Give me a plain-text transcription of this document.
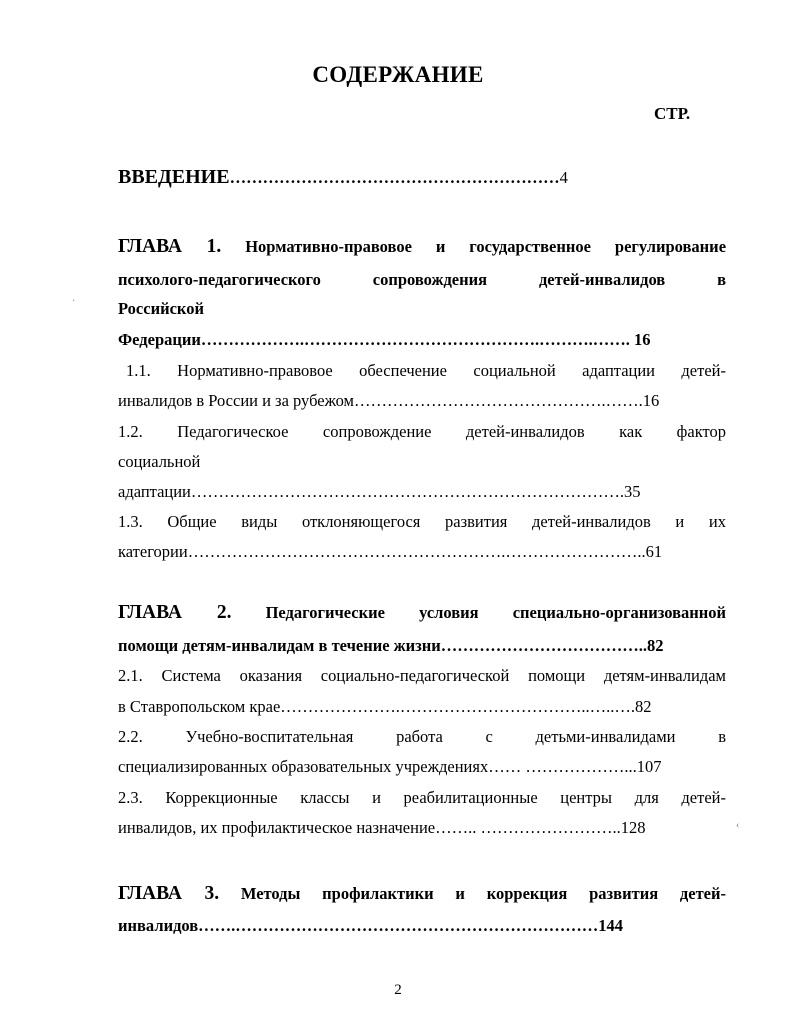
СОДЕРЖАНИЕ
СТР.
ВВЕДЕНИЕ……………………………………………………4
ГЛАВА 1. Нормативно-правовое и государственное регулирование
психолого-педагогического сопровождения детей-инвалидов в
Российской
Федерации……………….…………………………………….……….……. 16
1.1. Нормативно-правовое обеспечение социальной адаптации детей-
инвалидов в России и за рубежом……………………………………….…….16
1.2. Педагогическое сопровождение детей-инвалидов как фактор
социальной
адаптации…………………………………………………………………….35
1.3. Общие виды отклоняющегося развития детей-инвалидов и их
категории………………………………………………….……………………..61
ГЛАВА 2. Педагогические условия специально-организованной
помощи детям-инвалидам в течение жизни………………………………..82
2.1. Система оказания социально-педагогической помощи детям-инвалидам
в Ставропольском крае………………….……………………………..…..….82
2.2. Учебно-воспитательная работа с детьми-инвалидами в
специализированных образовательных учреждениях…… ………………...107
2.3. Коррекционные классы и реабилитационные центры для детей-
инвалидов, их профилактическое назначение…….. ……………………..128
ГЛАВА 3. Методы профилактики и коррекция развития детей-
инвалидов…….…………………………………………………………144
2
·
‹
